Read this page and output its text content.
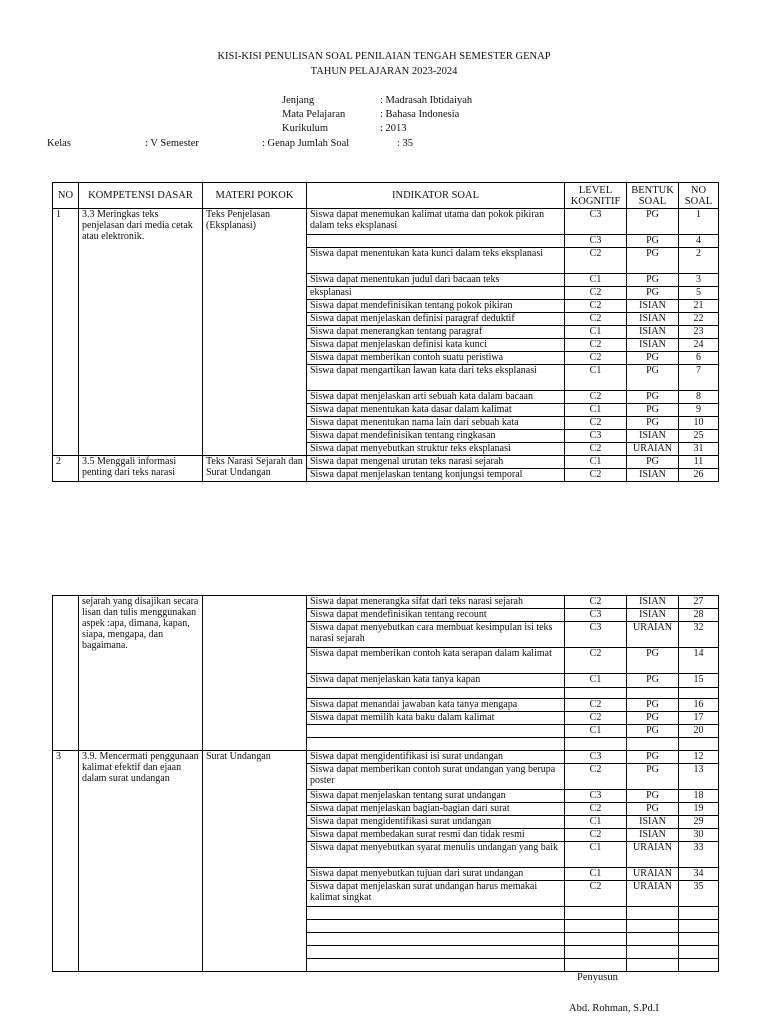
KISI-KISI PENULISAN SOAL PENILAIAN TENGAH SEMESTER GENAP
TAHUN PELAJARAN 2023-2024
Jenjang	: Madrasah Ibtidaiyah
Mata Pelajaran	: Bahasa Indonesia
Kurikulum	: 2013
Kelas	: V Semester	: Genap Jumlah Soal	: 35
NO	KOMPETENSI DASAR	MATERI POKOK	INDIKATOR SOAL	LEVEL KOGNITIF	BENTUK SOAL	NO SOAL
1	3.3 Meringkas teks penjelasan dari media cetak atau elektronik.	Teks Penjelasan (Eksplanasi)	Siswa dapat menemukan kalimat utama dan pokok pikiran dalam teks eksplanasi	C3	PG	1
				C3	PG	4
			Siswa dapat menentukan kata kunci dalam teks eksplanasi	C2	PG	2
			Siswa dapat menentukan judul dari bacaan teks	C1	PG	3
			eksplanasi	C2	PG	5
			Siswa dapat mendefinisikan tentang pokok pikiran	C2	ISIAN	21
			Siswa dapat menjelaskan definisi paragraf deduktif	C2	ISIAN	22
			Siswa dapat menerangkan tentang paragraf	C1	ISIAN	23
			Siswa dapat menjelaskan definisi kata kunci	C2	ISIAN	24
			Siswa dapat memberikan contoh suatu peristiwa	C2	PG	6
			Siswa dapat mengartikan lawan kata dari teks eksplanasi	C1	PG	7
			Siswa dapat menjelaskan arti sebuah kata dalam bacaan	C2	PG	8
			Siswa dapat menentukan kata dasar dalam kalimat	C1	PG	9
			Siswa dapat menentukan nama lain dari sebuah kata	C2	PG	10
			Siswa dapat mendefinisikan tentang ringkasan	C3	ISIAN	25
			Siswa dapat menyebutkan struktur teks eksplanasi	C2	URAIAN	31
2	3.5 Menggali informasi penting dari teks narasi	Teks Narasi Sejarah dan Surat Undangan	Siswa dapat mengenal urutan teks narasi sejarah	C1	PG	11
			Siswa dapat menjelaskan tentang konjungsi temporal	C2	ISIAN	26
	sejarah yang disajikan secara lisan dan tulis menggunakan aspek :apa, dimana, kapan, siapa, mengapa, dan bagaimana.		Siswa dapat menerangka sifat dari teks narasi sejarah	C2	ISIAN	27
			Siswa dapat mendefinisikan tentang recount	C3	ISIAN	28
			Siswa dapat menyebutkan cara membuat kesimpulan isi teks narasi sejarah	C3	URAIAN	32
			Siswa dapat memberikan contoh kata serapan dalam kalimat	C2	PG	14
			Siswa dapat menjelaskan kata tanya kapan	C1	PG	15

			Siswa dapat menandai jawaban kata tanya mengapa	C2	PG	16
			Siswa dapat memilih kata baku dalam kalimat	C2	PG	17
				C1	PG	20

3	3.9. Mencermati penggunaan kalimat efektif dan ejaan dalam surat undangan	Surat Undangan	Siswa dapat mengidentifikasi isi surat undangan	C3	PG	12
			Siswa dapat memberikan contoh surat undangan yang berupa poster	C2	PG	13
			Siswa dapat menjelaskan tentang surat undangan	C3	PG	18
			Siswa dapat menjelaskan bagian-bagian dari surat	C2	PG	19
			Siswa dapat mengidentifikasi surat undangan	C1	ISIAN	29
			Siswa dapat membedakan surat resmi dan tidak resmi	C2	ISIAN	30
			Siswa dapat menyebutkan syarat menulis undangan yang baik	C1	URAIAN	33
			Siswa dapat menyebutkan tujuan dari surat undangan	C1	URAIAN	34
			Siswa dapat menjelaskan surat undangan harus memakai kalimat singkat	C2	URAIAN	35

Penyusun
Abd. Rohman, S.Pd.I
